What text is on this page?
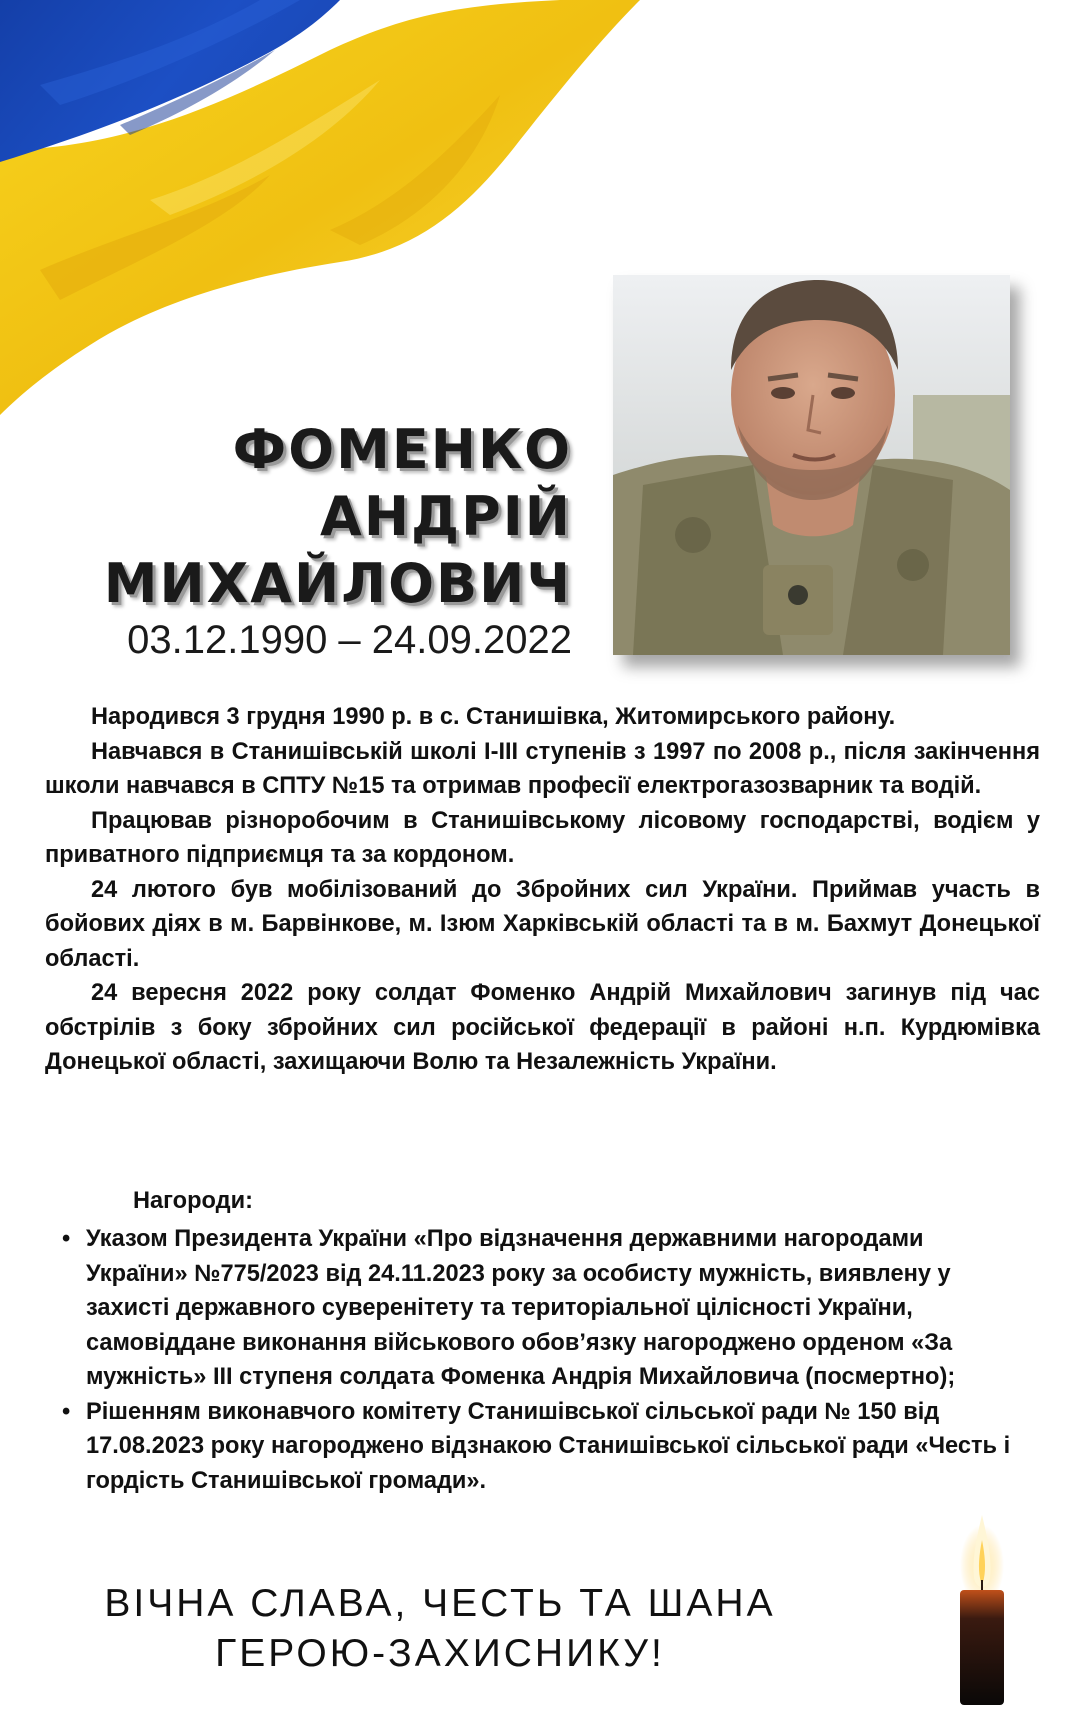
ФОМЕНКО
АНДРІЙ
МИХАЙЛОВИЧ
03.12.1990 – 24.09.2022

Народився 3 грудня 1990 р. в с. Станишівка, Житомирського району.

Навчався в Станишівській школі І-ІІІ ступенів з 1997 по 2008 р., після закінчення школи навчався в СПТУ №15 та отримав професії електрогазозварник та водій.

Працював різноробочим в Станишівському лісовому господарстві, водієм у приватного підприємця та за кордоном.

24 лютого був мобілізований до Збройних сил України. Приймав участь в бойових діях в м. Барвінкове, м. Ізюм Харківській області та в м. Бахмут Донецької області.

24 вересня 2022 року солдат Фоменко Андрій Михайлович загинув під час обстрілів з боку збройних сил російської федерації в районі н.п. Курдюмівка Донецької області, захищаючи Волю та Незалежність України.

Нагороди:
• Указом Президента України «Про відзначення державними нагородами України» №775/2023 від 24.11.2023 року за особисту мужність, виявлену у захисті державного суверенітету та територіальної цілісності України, самовіддане виконання військового обов’язку нагороджено орденом «За мужність» ІІІ ступеня солдата Фоменка Андрія Михайловича (посмертно);
• Рішенням виконавчого комітету Станишівської сільської ради № 150 від 17.08.2023 року нагороджено відзнакою Станишівської сільської ради «Честь і гордість Станишівської громади».
ВІЧНА СЛАВА, ЧЕСТЬ ТА ШАНА
ГЕРОЮ-ЗАХИСНИКУ!
